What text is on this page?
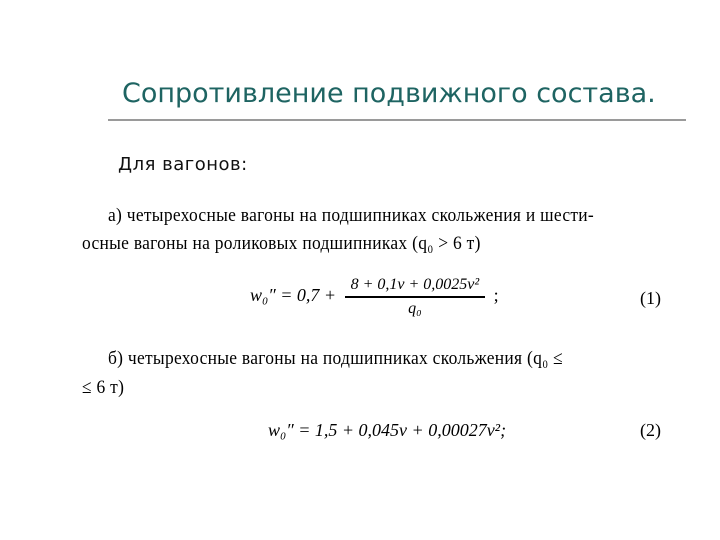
Сопротивление подвижного состава.
Для вагонов:
а) четырехосные вагоны на подшипниках скольжения и шести-
осные вагоны на роликовых подшипниках (q₀ > 6 т)
$w_0'' = 0,7 + \frac{\text{8 + 0,1v + 0,0025v²}}{\text{q₀}}$ ;	(1)
б) четырехосные вагоны на подшипниках скольжения (q₀ ≤
≤ 6 т)
w₀″ = 1,5 + 0,045v + 0,00027v²;	(2)
